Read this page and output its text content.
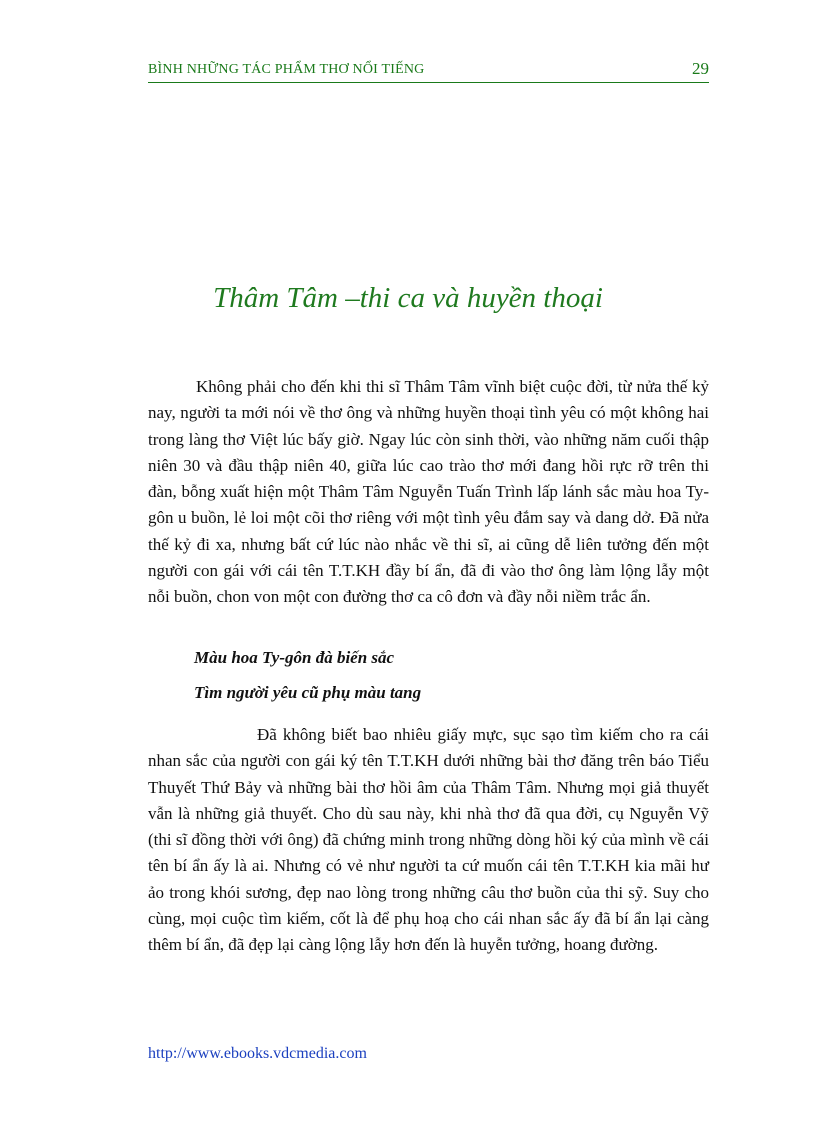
BÌNH NHỮNG TÁC PHẨM THƠ NỔI TIẾNG	29
Thâm Tâm –thi ca và huyền thoại
Không phải cho đến khi thi sĩ Thâm Tâm vĩnh biệt cuộc đời, từ nửa thế kỷ nay, người ta mới nói về thơ ông và những huyền thoại tình yêu có một không hai trong làng thơ Việt lúc bấy giờ. Ngay lúc còn sinh thời, vào những năm cuối thập niên 30 và đầu thập niên 40, giữa lúc cao trào thơ mới đang hồi rực rỡ trên thi đàn, bỗng xuất hiện một Thâm Tâm Nguyễn Tuấn Trình lấp lánh sắc màu hoa Ty-gôn u buồn, lẻ loi một cõi thơ riêng với một tình yêu đắm say và dang dở. Đã nửa thế kỷ đi xa, nhưng bất cứ lúc nào nhắc về thi sĩ, ai cũng dễ liên tưởng đến một người con gái với cái tên T.T.KH đầy bí ẩn, đã đi vào thơ ông làm lộng lẫy một nỗi buồn, chon von một con đường thơ ca cô đơn và đầy nỗi niềm trắc ẩn.
Màu hoa Ty-gôn đà biến sắc
Tìm người yêu cũ phụ màu tang
Đã không biết bao nhiêu giấy mực, sục sạo tìm kiếm cho ra cái nhan sắc của người con gái ký tên T.T.KH dưới những bài thơ đăng trên báo Tiểu Thuyết Thứ Bảy và những bài thơ hồi âm của Thâm Tâm. Nhưng mọi giả thuyết vẫn là những giả thuyết. Cho dù sau này, khi nhà thơ đã qua đời, cụ Nguyễn Vỹ (thi sĩ đồng thời với ông) đã chứng minh trong những dòng hồi ký của mình về cái tên bí ẩn ấy là ai. Nhưng có vẻ như người ta cứ muốn cái tên T.T.KH kia mãi hư ảo trong khói sương, đẹp nao lòng trong những câu thơ buồn của thi sỹ. Suy cho cùng, mọi cuộc tìm kiếm, cốt là để phụ hoạ cho cái nhan sắc ấy đã bí ẩn lại càng thêm bí ẩn, đã đẹp lại càng lộng lẫy hơn đến là huyễn tưởng, hoang đường.
http://www.ebooks.vdcmedia.com
